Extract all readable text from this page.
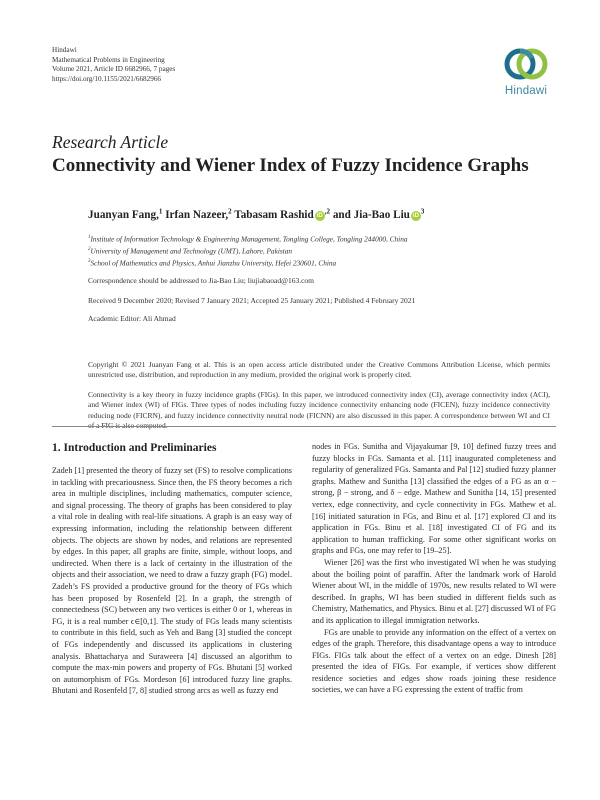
Hindawi
Mathematical Problems in Engineering
Volume 2021, Article ID 6682966, 7 pages
https://doi.org/10.1155/2021/6682966
Hindawi
Research Article
Connectivity and Wiener Index of Fuzzy Incidence Graphs
Juanyan Fang,$^1$ Irfan Nazeer,$^2$ Tabasam Rashid $iD^{,2}$ and Jia-Bao Liu $iD^3$
$^1$Institute of Information Technology & Engineering Management, Tongling College, Tongling 244000, China
$^2$University of Management and Technology (UMT), Lahore, Pakistan
$^3$School of Mathematics and Physics, Anhui Jianzhu University, Hefei 230601, China
Correspondence should be addressed to Jia-Bao Liu; liujiabaoad@163.com
Received 9 December 2020; Revised 7 January 2021; Accepted 25 January 2021; Published 4 February 2021
Academic Editor: Ali Ahmad
Copyright © 2021 Juanyan Fang et al. This is an open access article distributed under the Creative Commons Attribution License, which permits unrestricted use, distribution, and reproduction in any medium, provided the original work is properly cited.
Connectivity is a key theory in fuzzy incidence graphs (FIGs). In this paper, we introduced connectivity index (CI), average connectivity index (ACI), and Wiener index (WI) of FIGs. Three types of nodes including fuzzy incidence connectivity enhancing node (FICEN), fuzzy incidence connectivity reducing node (FICRN), and fuzzy incidence connectivity neutral node (FICNN) are also discussed in this paper. A correspondence between WI and CI of a FIG is also computed.
1. Introduction and Preliminaries

Zadeh [1] presented the theory of fuzzy set (FS) to resolve complications in tackling with precariousness. Since then, the FS theory becomes a rich area in multiple disciplines, including mathematics, computer science, and signal processing. The theory of graphs has been considered to play a vital role in dealing with real-life situations. A graph is an easy way of expressing information, including the relationship between different objects. The objects are shown by nodes, and relations are represented by edges. In this paper, all graphs are finite, simple, without loops, and undirected. When there is a lack of certainty in the illustration of the objects and their association, we need to draw a fuzzy graph (FG) model. Zadeh’s FS provided a productive ground for the theory of FGs which has been proposed by Rosenfeld [2]. In a graph, the strength of connectedness (SC) between any two vertices is either 0 or 1, whereas in FG, it is a real number ϵ∈[0,1]. The study of FGs leads many scientists to contribute in this field, such as Yeh and Bang [3] studied the concept of FGs independently and discussed its applications in clustering analysis. Bhattacharya and Suraweera [4] discussed an algorithm to compute the max-min powers and property of FGs. Bhutani [5] worked on automorphism of FGs. Mordeson [6] introduced fuzzy line graphs. Bhutani and Rosenfeld [7, 8] studied strong arcs as well as fuzzy end

nodes in FGs. Sunitha and Vijayakumar [9, 10] defined fuzzy trees and fuzzy blocks in FGs. Samanta et al. [11] inaugurated completeness and regularity of generalized FGs. Samanta and Pal [12] studied fuzzy planner graphs. Mathew and Sunitha [13] classified the edges of a FG as an α − strong, β − strong, and δ − edge. Mathew and Sunitha [14, 15] presented vertex, edge connectivity, and cycle connectivity in FGs. Mathew et al. [16] initiated saturation in FGs, and Binu et al. [17] explored CI and its application in FGs. Binu et al. [18] investigated CI of FG and its application to human trafficking. For some other significant works on graphs and FGs, one may refer to [19–25].

Wiener [26] was the first who investigated WI when he was studying about the boiling point of paraffin. After the landmark work of Harold Wiener about WI, in the middle of 1970s, new results related to WI were described. In graphs, WI has been studied in different fields such as Chemistry, Mathematics, and Physics. Binu et al. [27] discussed WI of FG and its application to illegal immigration networks.

FGs are unable to provide any information on the effect of a vertex on edges of the graph. Therefore, this disadvantage opens a way to introduce FIGs. FIGs talk about the effect of a vertex on an edge. Dinesh [28] presented the idea of FIGs. For example, if vertices show different residence societies and edges show roads joining these residence societies, we can have a FG expressing the extent of traffic from
